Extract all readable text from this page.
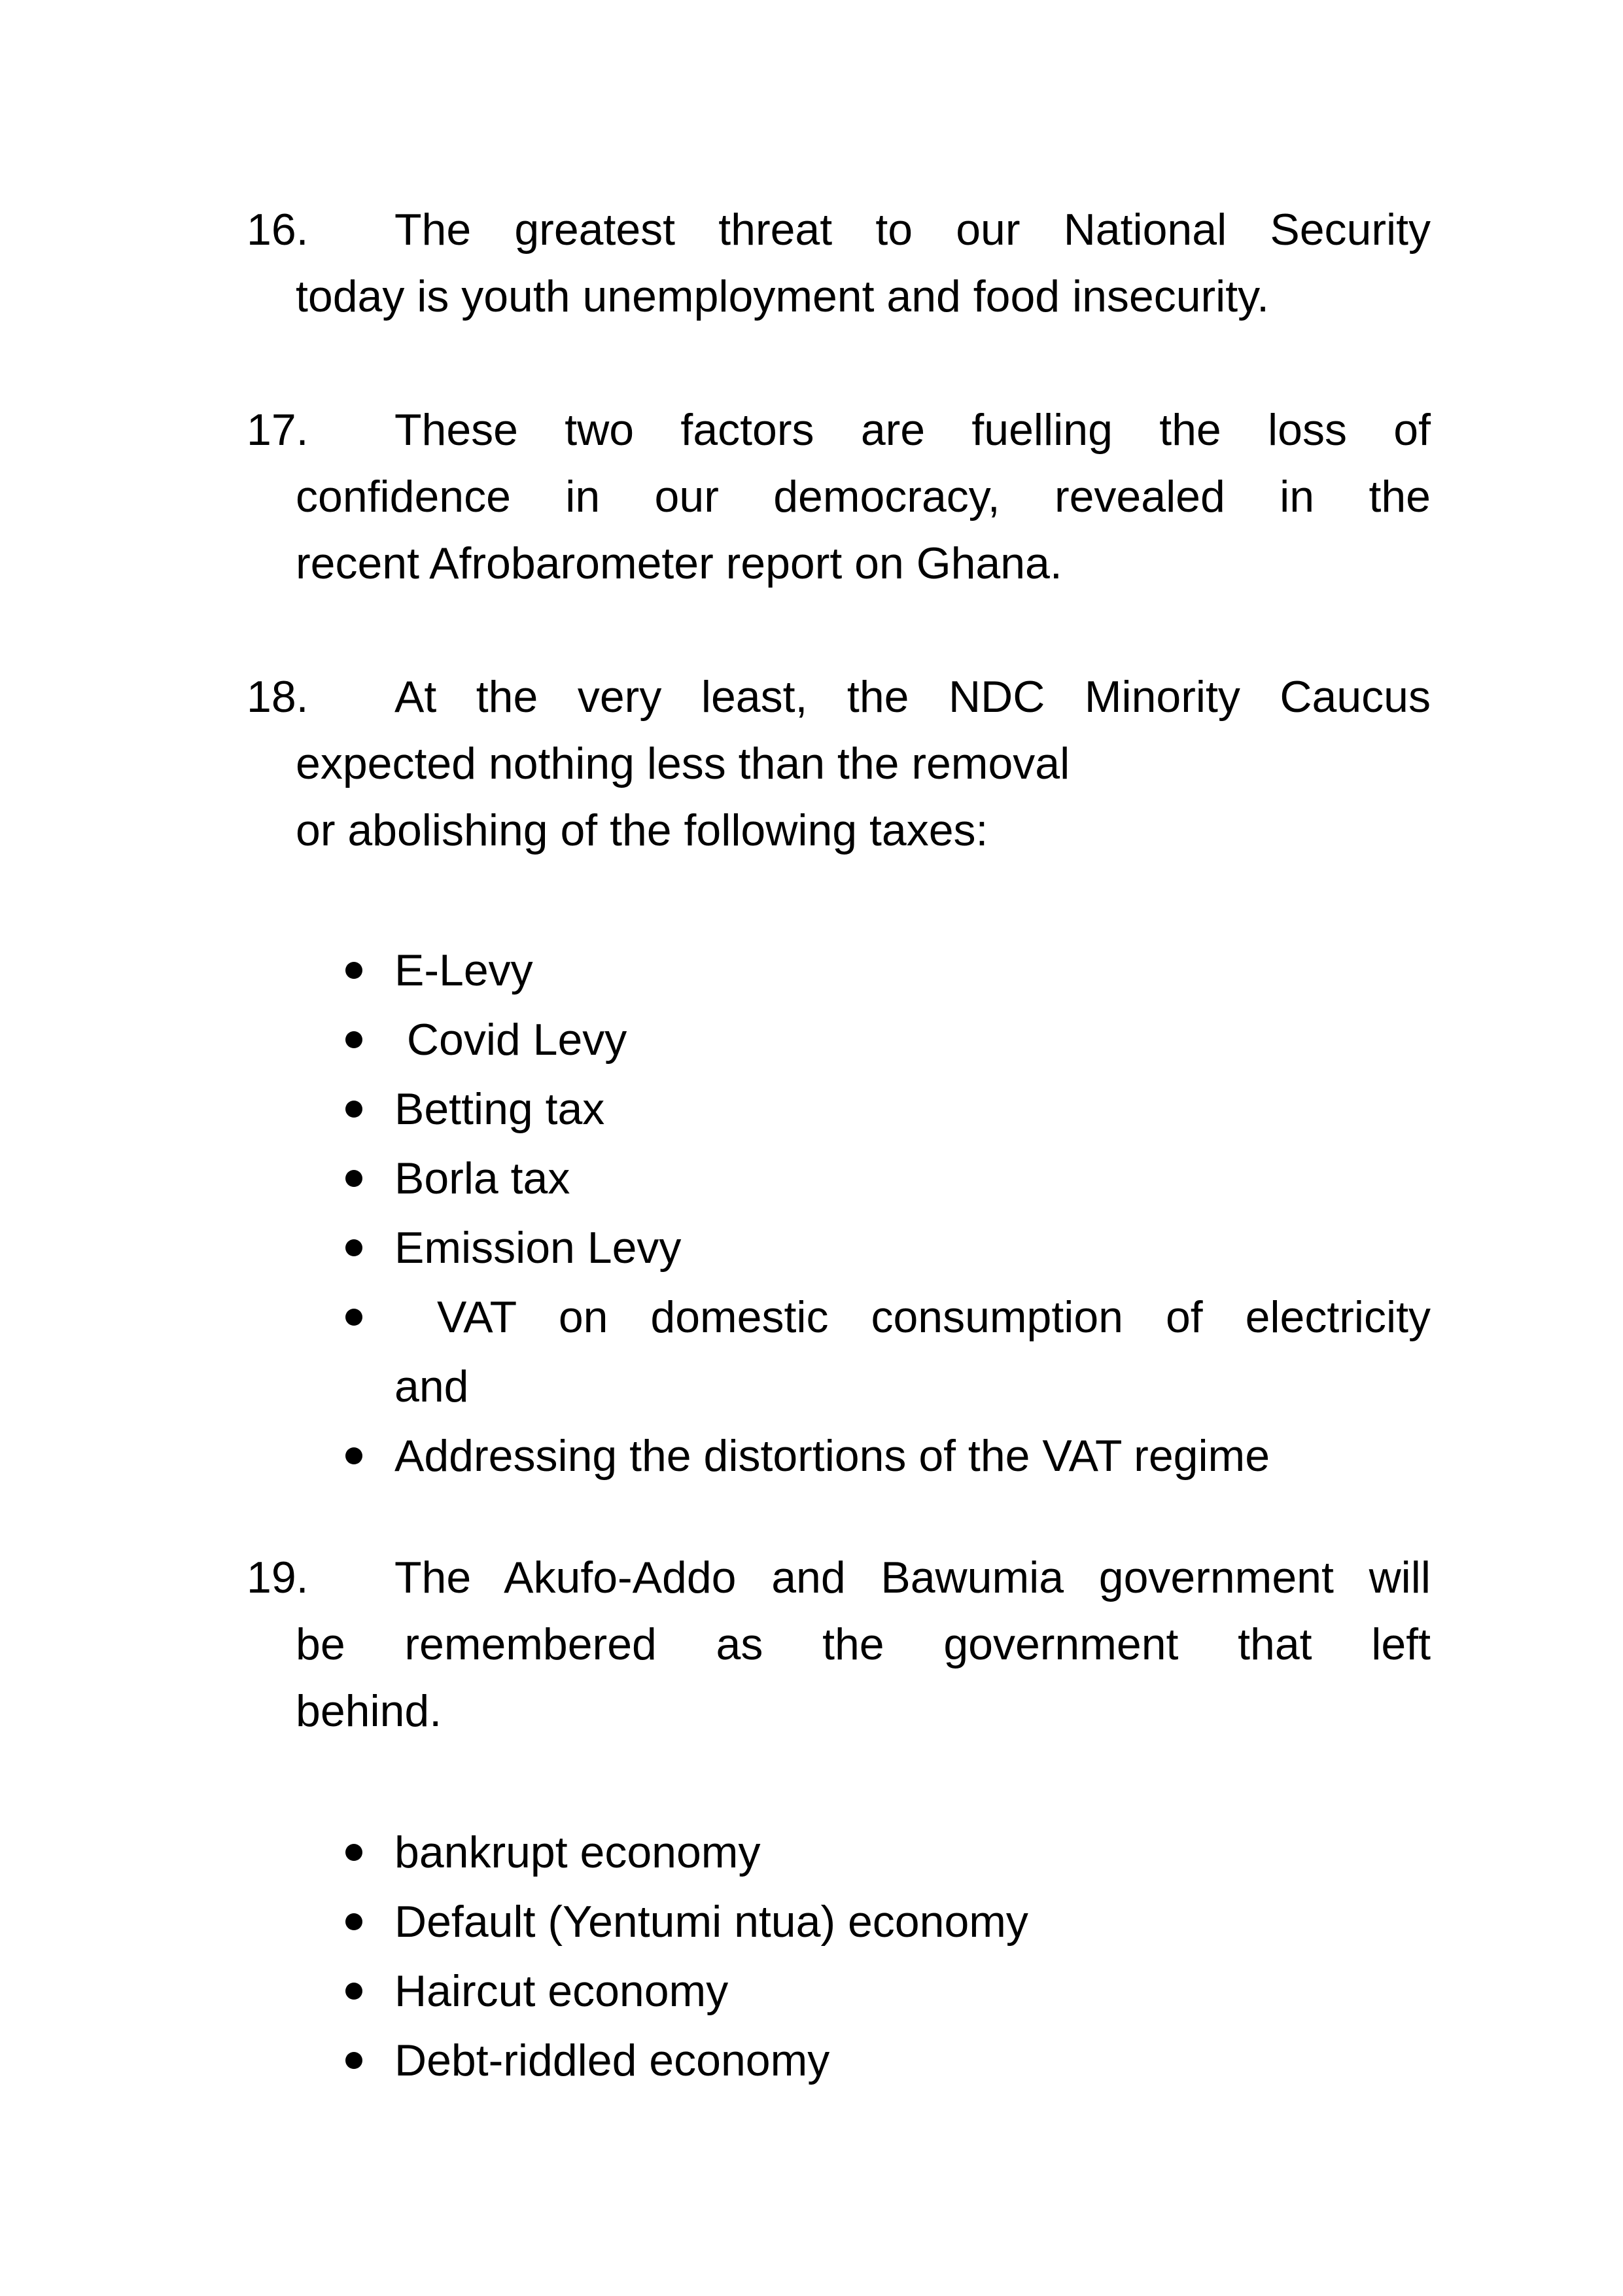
16.	The greatest threat to our National Security
today is youth unemployment and food insecurity.
17.	These two factors are fuelling the loss of
confidence in our democracy, revealed in the
recent Afrobarometer report on Ghana.
18.	At the very least, the NDC Minority Caucus
expected nothing less than the removal
or abolishing of the following taxes:
E-Levy
Covid Levy
Betting tax
Borla tax
Emission Levy
VAT on domestic consumption of electricity
and
Addressing the distortions of the VAT regime
19.	The Akufo-Addo and Bawumia government will
be remembered as the government that left
behind.
bankrupt economy
Default (Yentumi ntua) economy
Haircut economy
Debt-riddled economy
